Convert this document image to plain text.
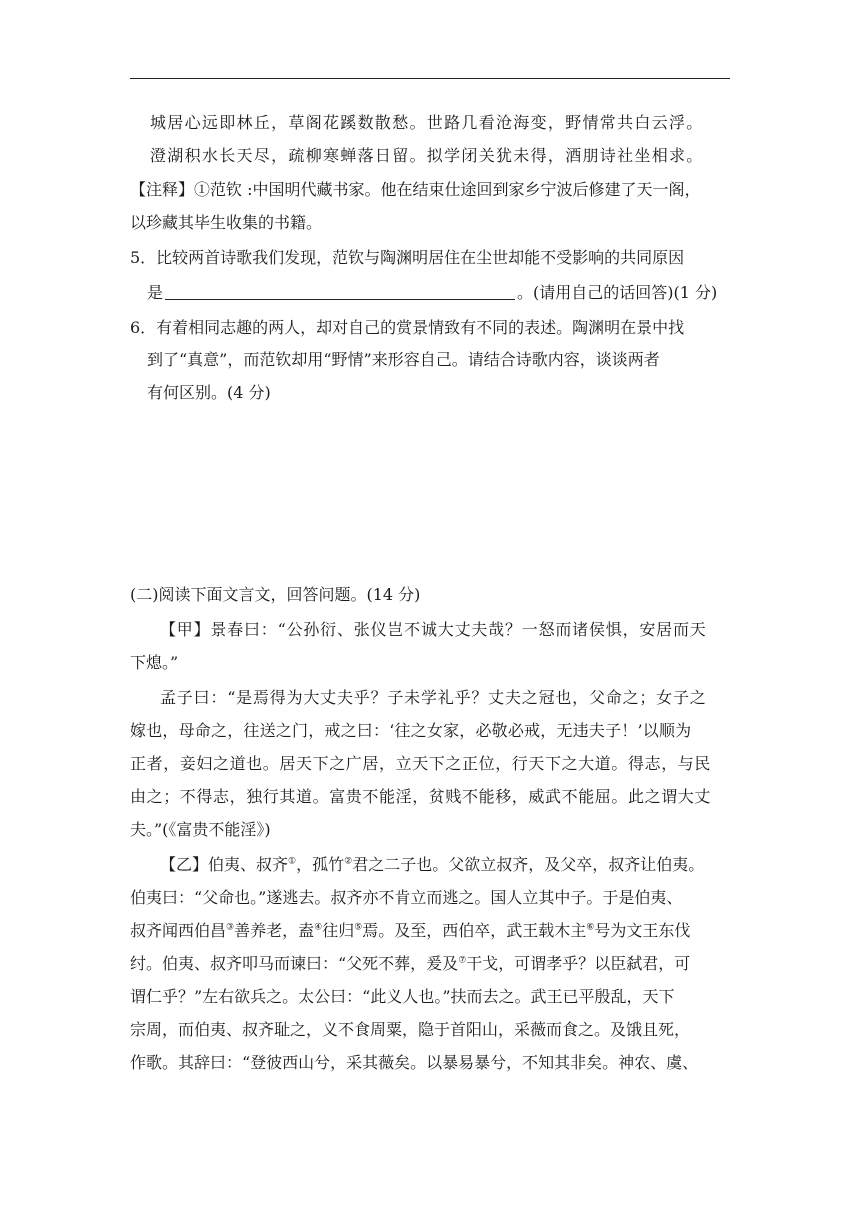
城居心远即林丘，草阁花蹊数散愁。世路几看沧海变，野情常共白云浮。
澄湖积水长天尽，疏柳寒蝉落日留。拟学闭关犹未得，酒朋诗社坐相求。
【注释】①范钦 :中国明代藏书家。他在结束仕途回到家乡宁波后修建了天一阁，
以珍藏其毕生收集的书籍。
5．比较两首诗歌我们发现，范钦与陶渊明居住在尘世却能不受影响的共同原因
是	。(请用自己的话回答)(1 分)
6．有着相同志趣的两人，却对自己的赏景情致有不同的表述。陶渊明在景中找
到了“真意”，而范钦却用“野情”来形容自己。请结合诗歌内容，谈谈两者
有何区别。(4 分)
(二)阅读下面文言文，回答问题。(14 分)
【甲】景春曰：“公孙衍、张仪岂不诚大丈夫哉？一怒而诸侯惧，安居而天
下熄。”
孟子曰：“是焉得为大丈夫乎？子未学礼乎？丈夫之冠也，父命之；女子之
嫁也，母命之，往送之门，戒之曰：‘往之女家，必敬必戒，无违夫子！’以顺为
正者，妾妇之道也。居天下之广居，立天下之正位，行天下之大道。得志，与民
由之；不得志，独行其道。富贵不能淫，贫贱不能移，威武不能屈。此之谓大丈
夫。”(《富贵不能淫》)
【乙】伯夷、叔齐①，孤竹②君之二子也。父欲立叔齐，及父卒，叔齐让伯夷。
伯夷曰：“父命也。”遂逃去。叔齐亦不肯立而逃之。国人立其中子。于是伯夷、
叔齐闻西伯昌③善养老，盍④往归⑤焉。及至，西伯卒，武王载木主⑥号为文王东伐
纣。伯夷、叔齐叩马而谏曰：“父死不葬，爰及⑦干戈，可谓孝乎？以臣弑君，可
谓仁乎？”左右欲兵之。太公曰：“此义人也。”扶而去之。武王已平殷乱，天下
宗周，而伯夷、叔齐耻之，义不食周粟，隐于首阳山，采薇而食之。及饿且死，
作歌。其辞曰：“登彼西山兮，采其薇矣。以暴易暴兮，不知其非矣。神农、虞、
